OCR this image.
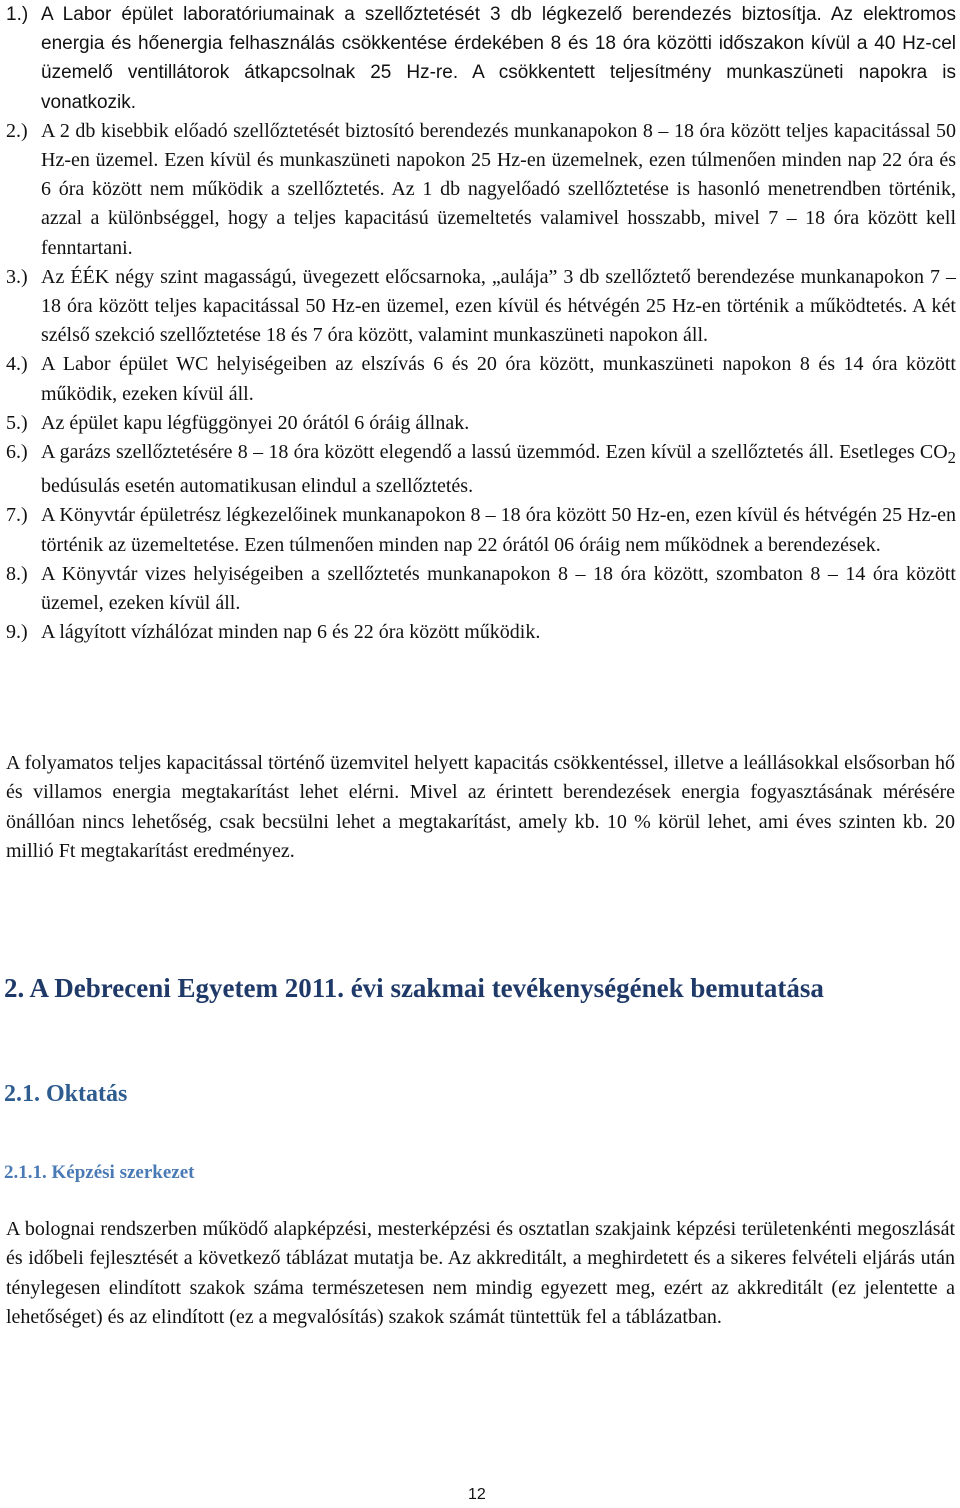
1.) A Labor épület laboratóriumainak a szellőztetését 3 db légkezelő berendezés biztosítja. Az elektromos energia és hőenergia felhasználás csökkentése érdekében 8 és 18 óra közötti időszakon kívül a 40 Hz-cel üzemelő ventillátorok átkapcsolnak 25 Hz-re. A csökkentett teljesítmény munkaszüneti napokra is vonatkozik.
2.) A 2 db kisebbik előadó szellőztetését biztosító berendezés munkanapokon 8 – 18 óra között teljes kapacitással 50 Hz-en üzemel. Ezen kívül és munkaszüneti napokon 25 Hz-en üzemelnek, ezen túlmenően minden nap 22 óra és 6 óra között nem működik a szellőztetés. Az 1 db nagyelőadó szellőztetése is hasonló menetrendben történik, azzal a különbséggel, hogy a teljes kapacitású üzemeltetés valamivel hosszabb, mivel 7 – 18 óra között kell fenntartani.
3.) Az ÉÉK négy szint magasságú, üvegezett előcsarnoka, „aulája” 3 db szellőztető berendezése munkanapokon 7 – 18 óra között teljes kapacitással 50 Hz-en üzemel, ezen kívül és hétvégén 25 Hz-en történik a működtetés. A két szélső szekció szellőztetése 18 és 7 óra között, valamint munkaszüneti napokon áll.
4.) A Labor épület WC helyiségeiben az elszívás 6 és 20 óra között, munkaszüneti napokon 8 és 14 óra között működik, ezeken kívül áll.
5.) Az épület kapu légfüggönyei 20 órától 6 óráig állnak.
6.) A garázs szellőztetésére 8 – 18 óra között elegendő a lassú üzemmód. Ezen kívül a szellőztetés áll. Esetleges $CO_2$ bedúsulás esetén automatikusan elindul a szellőztetés.
7.) A Könyvtár épületrész légkezelőinek munkanapokon 8 – 18 óra között 50 Hz-en, ezen kívül és hétvégén 25 Hz-en történik az üzemeltetése. Ezen túlmenően minden nap 22 órától 06 óráig nem működnek a berendezések.
8.) A Könyvtár vizes helyiségeiben a szellőztetés munkanapokon 8 – 18 óra között, szombaton 8 – 14 óra között üzemel, ezeken kívül áll.
9.) A lágyított vízhálózat minden nap 6 és 22 óra között működik.

A folyamatos teljes kapacitással történő üzemvitel helyett kapacitás csökkentéssel, illetve a leállásokkal elsősorban hő és villamos energia megtakarítást lehet elérni. Mivel az érintett berendezések energia fogyasztásának mérésére önállóan nincs lehetőség, csak becsülni lehet a megtakarítást, amely kb. 10 % körül lehet, ami éves szinten kb. 20 millió Ft megtakarítást eredményez.

2. A Debreceni Egyetem 2011. évi szakmai tevékenységének bemutatása
2.1. Oktatás
2.1.1. Képzési szerkezet

A bolognai rendszerben működő alapképzési, mesterképzési és osztatlan szakjaink képzési területenkénti megoszlását és időbeli fejlesztését a következő táblázat mutatja be. Az akkreditált, a meghirdetett és a sikeres felvételi eljárás után ténylegesen elindított szakok száma természetesen nem mindig egyezett meg, ezért az akkreditált (ez jelentette a lehetőséget) és az elindított (ez a megvalósítás) szakok számát tüntettük fel a táblázatban.

12
